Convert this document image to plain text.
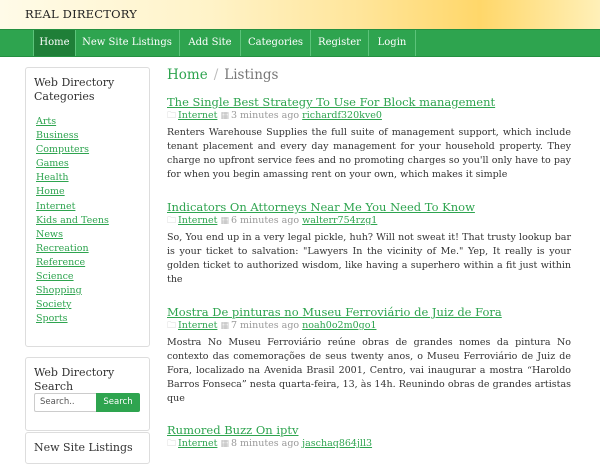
REAL DIRECTORY
Home	New Site Listings	Add Site	Categories	Register	Login
Web Directory Categories
Arts
Business
Computers
Games
Health
Home
Internet
Kids and Teens
News
Recreation
Reference
Science
Shopping
Society
Sports
Web Directory Search
Search..	Search
New Site Listings
Home / Listings
The Single Best Strategy To Use For Block management
🗀 Internet ▦ 3 minutes ago richardf320kve0
Renters Warehouse Supplies the full suite of management support, which include tenant placement and every day management for your household property. They charge no upfront service fees and no promoting charges so you'll only have to pay for when you begin amassing rent on your own, which makes it simple
Indicators On Attorneys Near Me You Need To Know
🗀 Internet ▦ 6 minutes ago walterr754rzg1
So, You end up in a very legal pickle, huh? Will not sweat it! That trusty lookup bar is your ticket to salvation: "Lawyers In the vicinity of Me." Yep, It really is your golden ticket to authorized wisdom, like having a superhero within a fit just within the
Mostra De pinturas no Museu Ferroviário de Juiz de Fora
🗀 Internet ▦ 7 minutes ago noah0o2m0go1
Mostra No Museu Ferroviário reúne obras de grandes nomes da pintura No contexto das comemorações de seus twenty anos, o Museu Ferroviário de Juiz de Fora, localizado na Avenida Brasil 2001, Centro, vai inaugurar a mostra “Haroldo Barros Fonseca” nesta quarta-feira, 13, às 14h. Reunindo obras de grandes artistas que
Rumored Buzz On iptv
🗀 Internet ▦ 8 minutes ago jaschaq864jll3
